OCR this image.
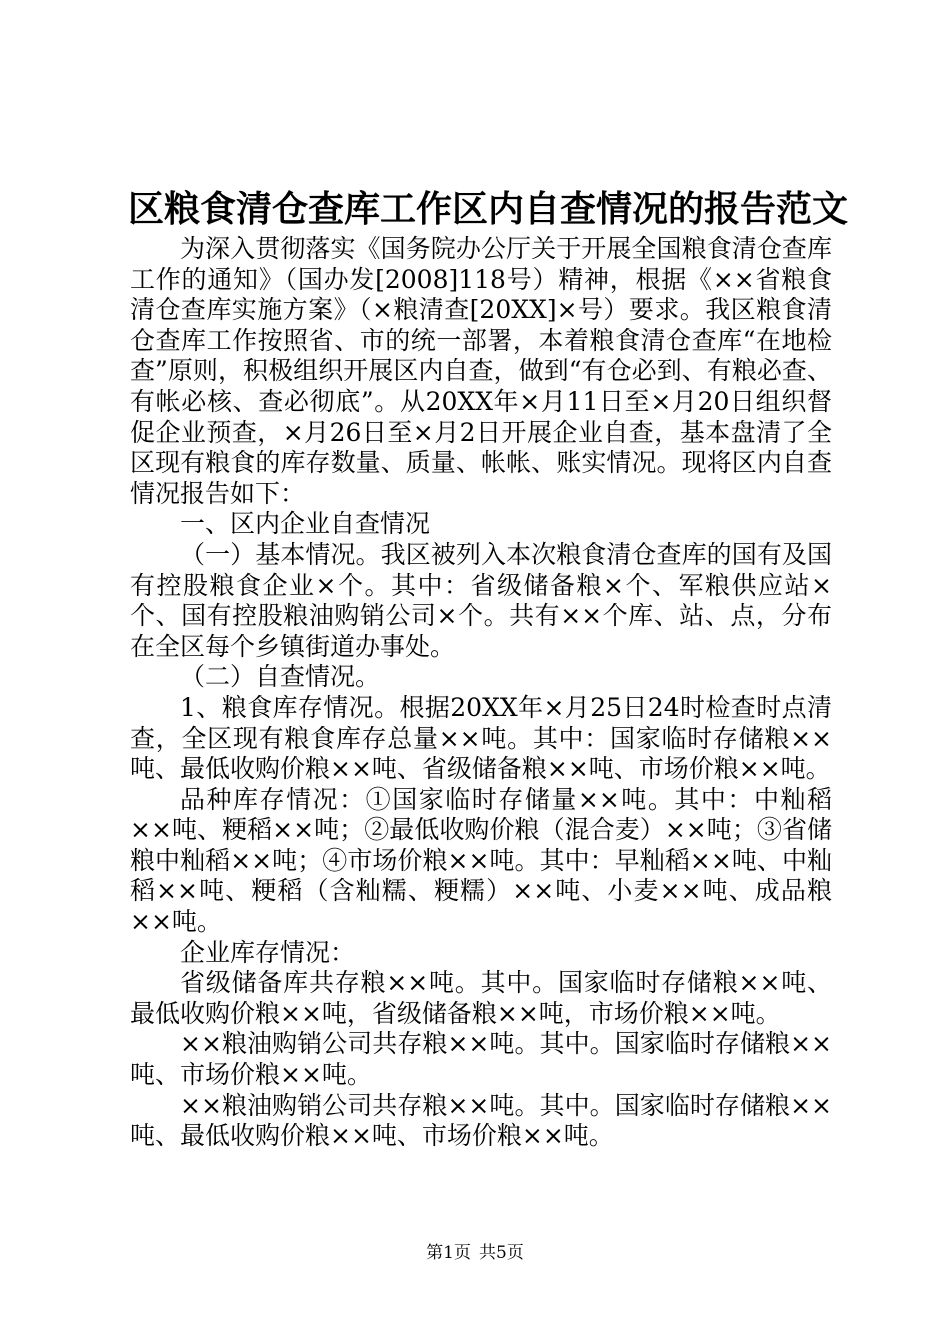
区粮食清仓查库工作区内自查情况的报告范文

为深入贯彻落实《国务院办公厅关于开展全国粮食清仓查库工作的通知》（国办发[2008]118号）精神，根据《××省粮食清仓查库实施方案》（×粮清查[20XX]×号）要求。我区粮食清仓查库工作按照省、市的统一部署，本着粮食清仓查库“在地检查”原则，积极组织开展区内自查，做到“有仓必到、有粮必查、有帐必核、查必彻底”。从20XX年×月11日至×月20日组织督促企业预查，×月26日至×月2日开展企业自查，基本盘清了全区现有粮食的库存数量、质量、帐帐、账实情况。现将区内自查情况报告如下：

一、区内企业自查情况

（一）基本情况。我区被列入本次粮食清仓查库的国有及国有控股粮食企业×个。其中：省级储备粮×个、军粮供应站×个、国有控股粮油购销公司×个。共有××个库、站、点，分布在全区每个乡镇街道办事处。

（二）自查情况。

1、粮食库存情况。根据20XX年×月25日24时检查时点清查，全区现有粮食库存总量××吨。其中：国家临时存储粮××吨、最低收购价粮××吨、省级储备粮××吨、市场价粮××吨。

品种库存情况：①国家临时存储量××吨。其中：中籼稻××吨、粳稻××吨；②最低收购价粮（混合麦）××吨；③省储粮中籼稻××吨；④市场价粮××吨。其中：早籼稻××吨、中籼稻××吨、粳稻（含籼糯、粳糯）××吨、小麦××吨、成品粮××吨。

企业库存情况：

省级储备库共存粮××吨。其中。国家临时存储粮××吨、最低收购价粮××吨，省级储备粮××吨，市场价粮××吨。

××粮油购销公司共存粮××吨。其中。国家临时存储粮××吨、市场价粮××吨。

××粮油购销公司共存粮××吨。其中。国家临时存储粮××吨、最低收购价粮××吨、市场价粮××吨。

第1页 共5页
